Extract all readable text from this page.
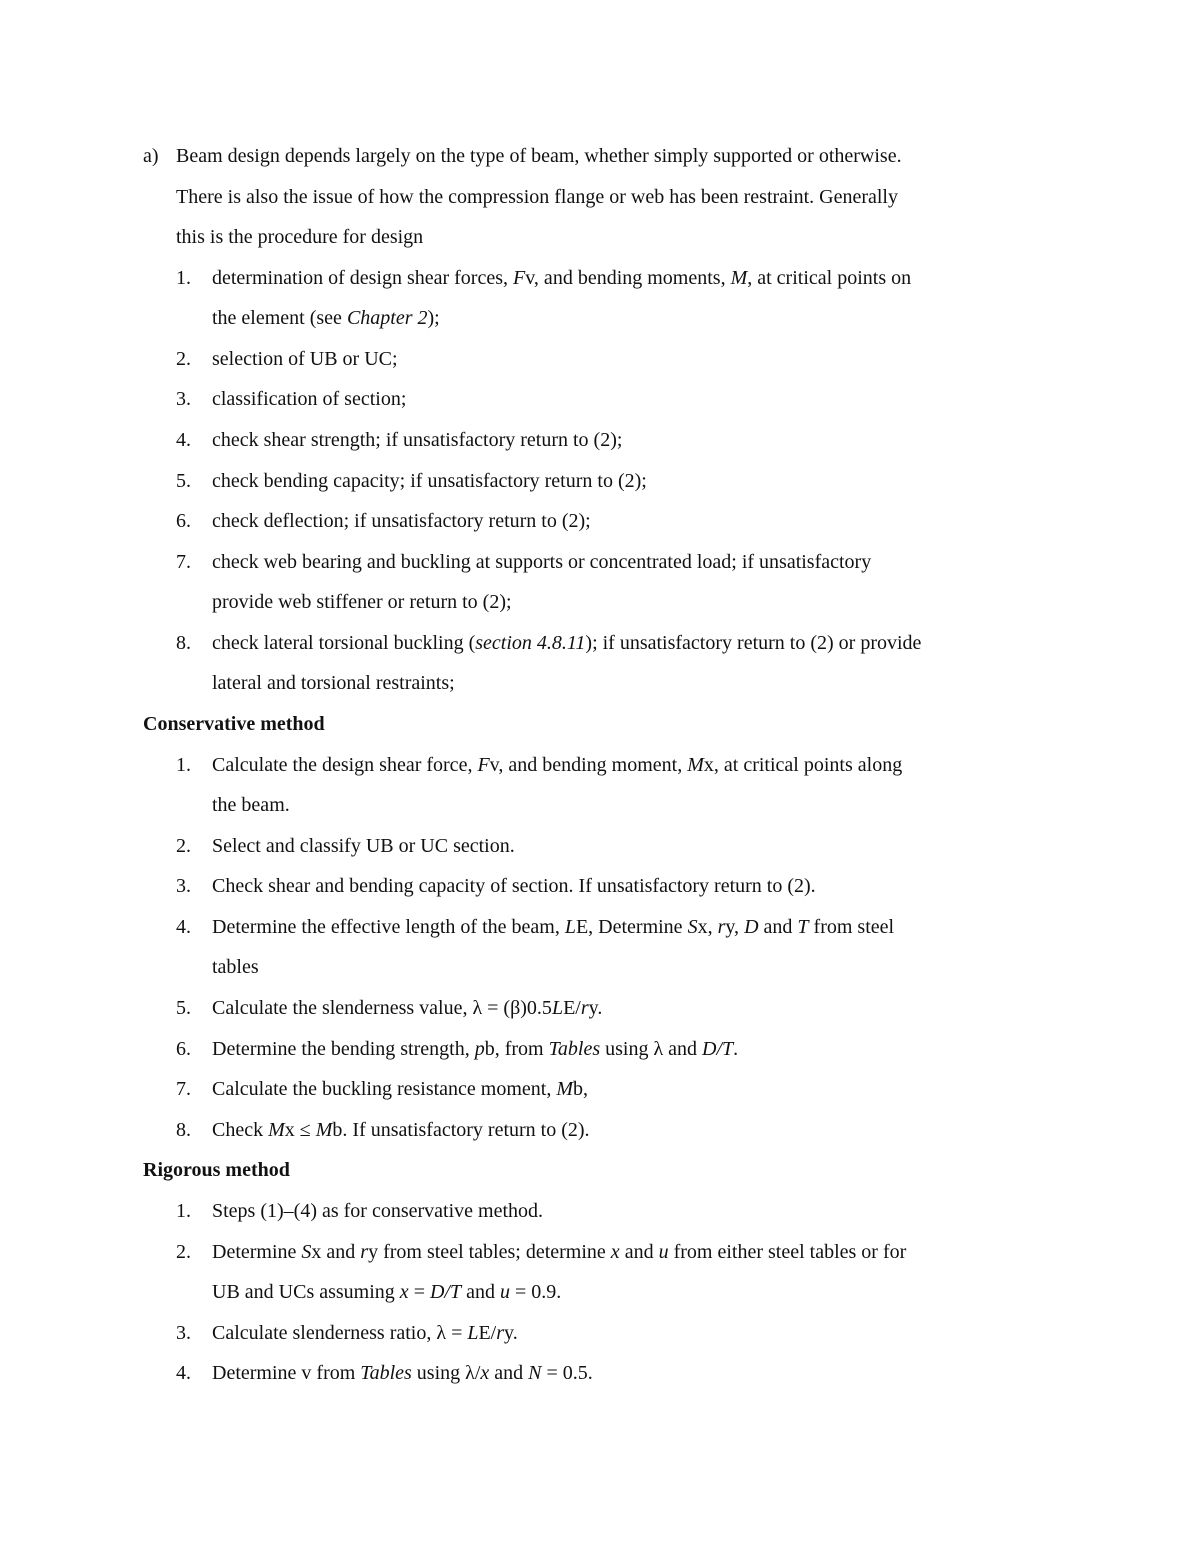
a) Beam design depends largely on the type of beam, whether simply supported or otherwise.
There is also the issue of how the compression flange or web has been restraint. Generally
this is the procedure for design
1. determination of design shear forces, Fv, and bending moments, M, at critical points on
the element (see Chapter 2);
2. selection of UB or UC;
3. classification of section;
4. check shear strength; if unsatisfactory return to (2);
5. check bending capacity; if unsatisfactory return to (2);
6. check deflection; if unsatisfactory return to (2);
7. check web bearing and buckling at supports or concentrated load; if unsatisfactory
provide web stiffener or return to (2);
8. check lateral torsional buckling (section 4.8.11); if unsatisfactory return to (2) or provide
lateral and torsional restraints;
Conservative method
1. Calculate the design shear force, Fv, and bending moment, Mx, at critical points along
the beam.
2. Select and classify UB or UC section.
3. Check shear and bending capacity of section. If unsatisfactory return to (2).
4. Determine the effective length of the beam, LE, Determine Sx, ry, D and T from steel
tables
5. Calculate the slenderness value, λ = (β)0.5LE/ry.
6. Determine the bending strength, pb, from Tables using λ and D/T.
7. Calculate the buckling resistance moment, Mb,
8. Check Mx ≤ Mb. If unsatisfactory return to (2).
Rigorous method
1. Steps (1)–(4) as for conservative method.
2. Determine Sx and ry from steel tables; determine x and u from either steel tables or for
UB and UCs assuming x = D/T and u = 0.9.
3. Calculate slenderness ratio, λ = LE/ry.
4. Determine v from Tables using λ/x and N = 0.5.
